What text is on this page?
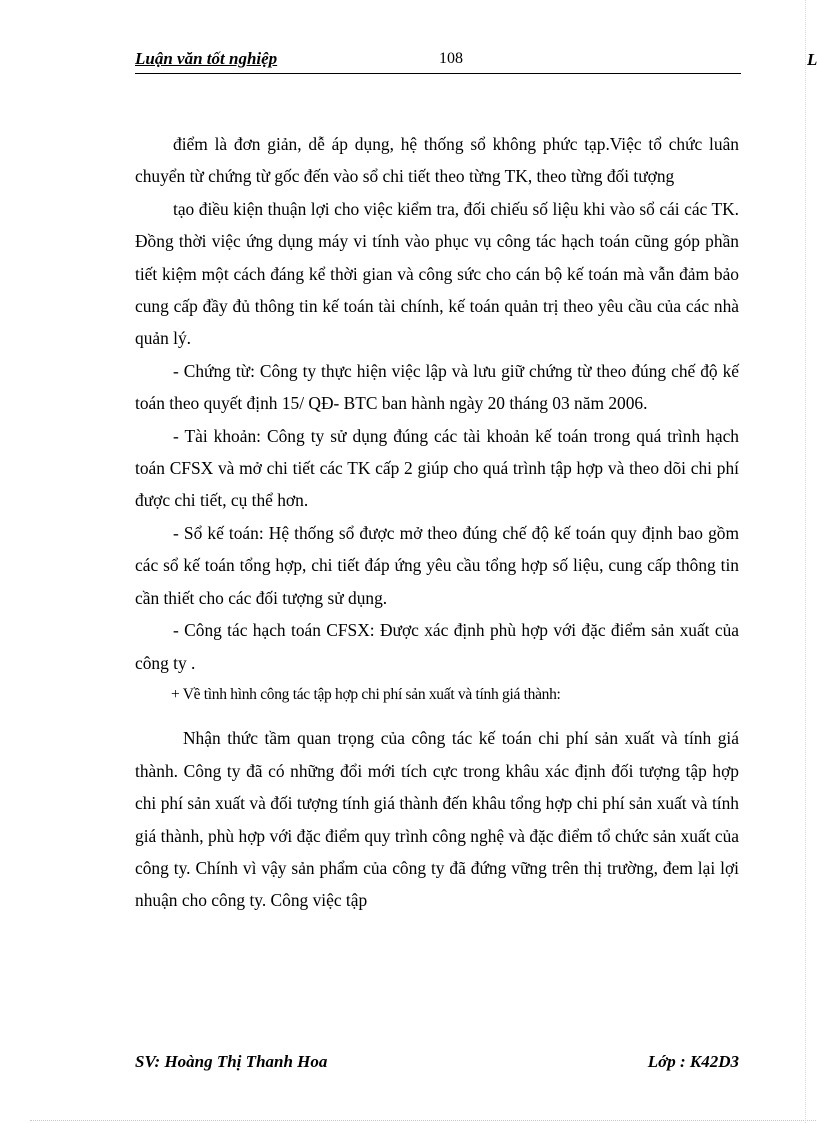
Luận văn tốt nghiệp	108	L

điểm là đơn giản, dễ áp dụng, hệ thống sổ không phức tạp.Việc tổ chức luân chuyển từ chứng từ gốc đến vào sổ chi tiết theo từng TK, theo từng đối tượng

tạo điều kiện thuận lợi cho việc kiểm tra, đối chiếu số liệu khi vào sổ cái các TK. Đồng thời việc ứng dụng máy vi tính vào phục vụ công tác hạch toán cũng góp phần tiết kiệm một cách đáng kể thời gian và công sức cho cán bộ kế toán mà vẫn đảm bảo cung cấp đầy đủ thông tin kế toán tài chính, kế toán quản trị theo yêu cầu của các nhà quản lý.

- Chứng từ: Công ty thực hiện việc lập và lưu giữ chứng từ theo đúng chế độ kế toán theo quyết định 15/ QĐ- BTC ban hành ngày 20 tháng 03 năm 2006.

- Tài khoản: Công ty sử dụng đúng các tài khoản kế toán trong quá trình hạch toán CFSX và mở chi tiết các TK cấp 2 giúp cho quá trình tập hợp và theo dõi chi phí được chi tiết, cụ thể hơn.

- Sổ kế toán: Hệ thống sổ được mở theo đúng chế độ kế toán quy định bao gồm các sổ kế toán tổng hợp, chi tiết đáp ứng yêu cầu tổng hợp số liệu, cung cấp thông tin cần thiết cho các đối tượng sử dụng.

- Công tác hạch toán CFSX: Được xác định phù hợp với đặc điểm sản xuất của công ty .

+ Về tình hình công tác tập hợp chi phí sản xuất và tính giá thành:

Nhận thức tầm quan trọng của công tác kế toán chi phí sản xuất và tính giá thành. Công ty đã có những đổi mới tích cực trong khâu xác định đối tượng tập hợp chi phí sản xuất và đối tượng tính giá thành đến khâu tổng hợp chi phí sản xuất và tính giá thành, phù hợp với đặc điểm quy trình công nghệ và đặc điểm tổ chức sản xuất của công ty. Chính vì vậy sản phẩm của công ty đã đứng vững trên thị trường, đem lại lợi nhuận cho công ty. Công việc tập

SV: Hoàng Thị Thanh Hoa	Lớp : K42D3
